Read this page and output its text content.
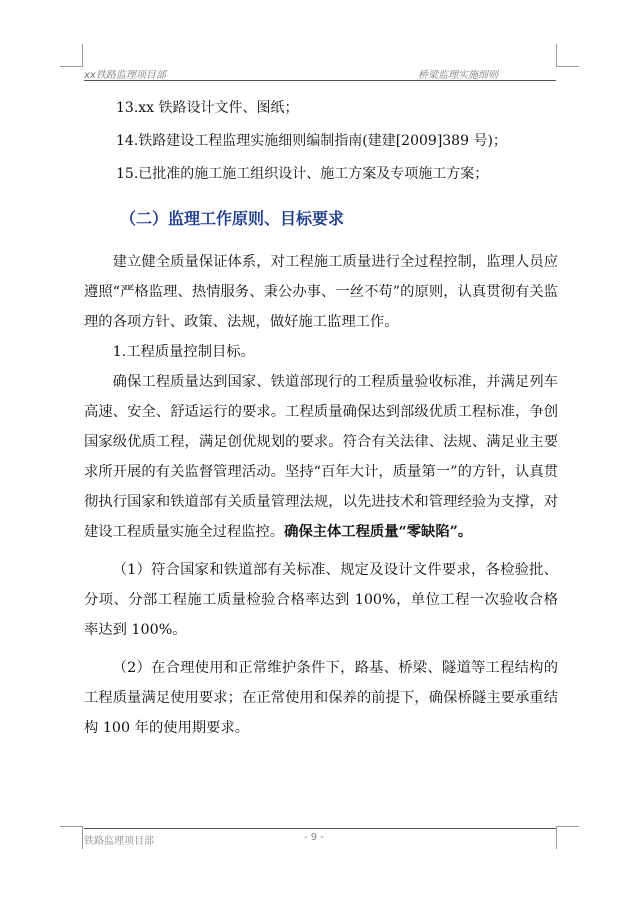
xx铁路监理项目部	桥梁监理实施细则
13.xx 铁路设计文件、图纸；
14.铁路建设工程监理实施细则编制指南(建建[2009]389 号)；
15.已批准的施工施工组织设计、施工方案及专项施工方案；
（二）监理工作原则、目标要求

建立健全质量保证体系，对工程施工质量进行全过程控制，监理人员应遵照“严格监理、热情服务、秉公办事、一丝不苟”的原则，认真贯彻有关监理的各项方针、政策、法规，做好施工监理工作。

1.工程质量控制目标。

确保工程质量达到国家、铁道部现行的工程质量验收标准，并满足列车高速、安全、舒适运行的要求。工程质量确保达到部级优质工程标准，争创国家级优质工程，满足创优规划的要求。符合有关法律、法规、满足业主要求所开展的有关监督管理活动。坚持“百年大计，质量第一”的方针，认真贯彻执行国家和铁道部有关质量管理法规，以先进技术和管理经验为支撑，对建设工程质量实施全过程监控。确保主体工程质量“零缺陷”。

（1）符合国家和铁道部有关标准、规定及设计文件要求，各检验批、分项、分部工程施工质量检验合格率达到 100%，单位工程一次验收合格率达到 100%。

（2）在合理使用和正常维护条件下，路基、桥梁、隧道等工程结构的工程质量满足使用要求；在正常使用和保养的前提下，确保桥隧主要承重结构 100 年的使用期要求。

铁路监理项目部	- 9 -
